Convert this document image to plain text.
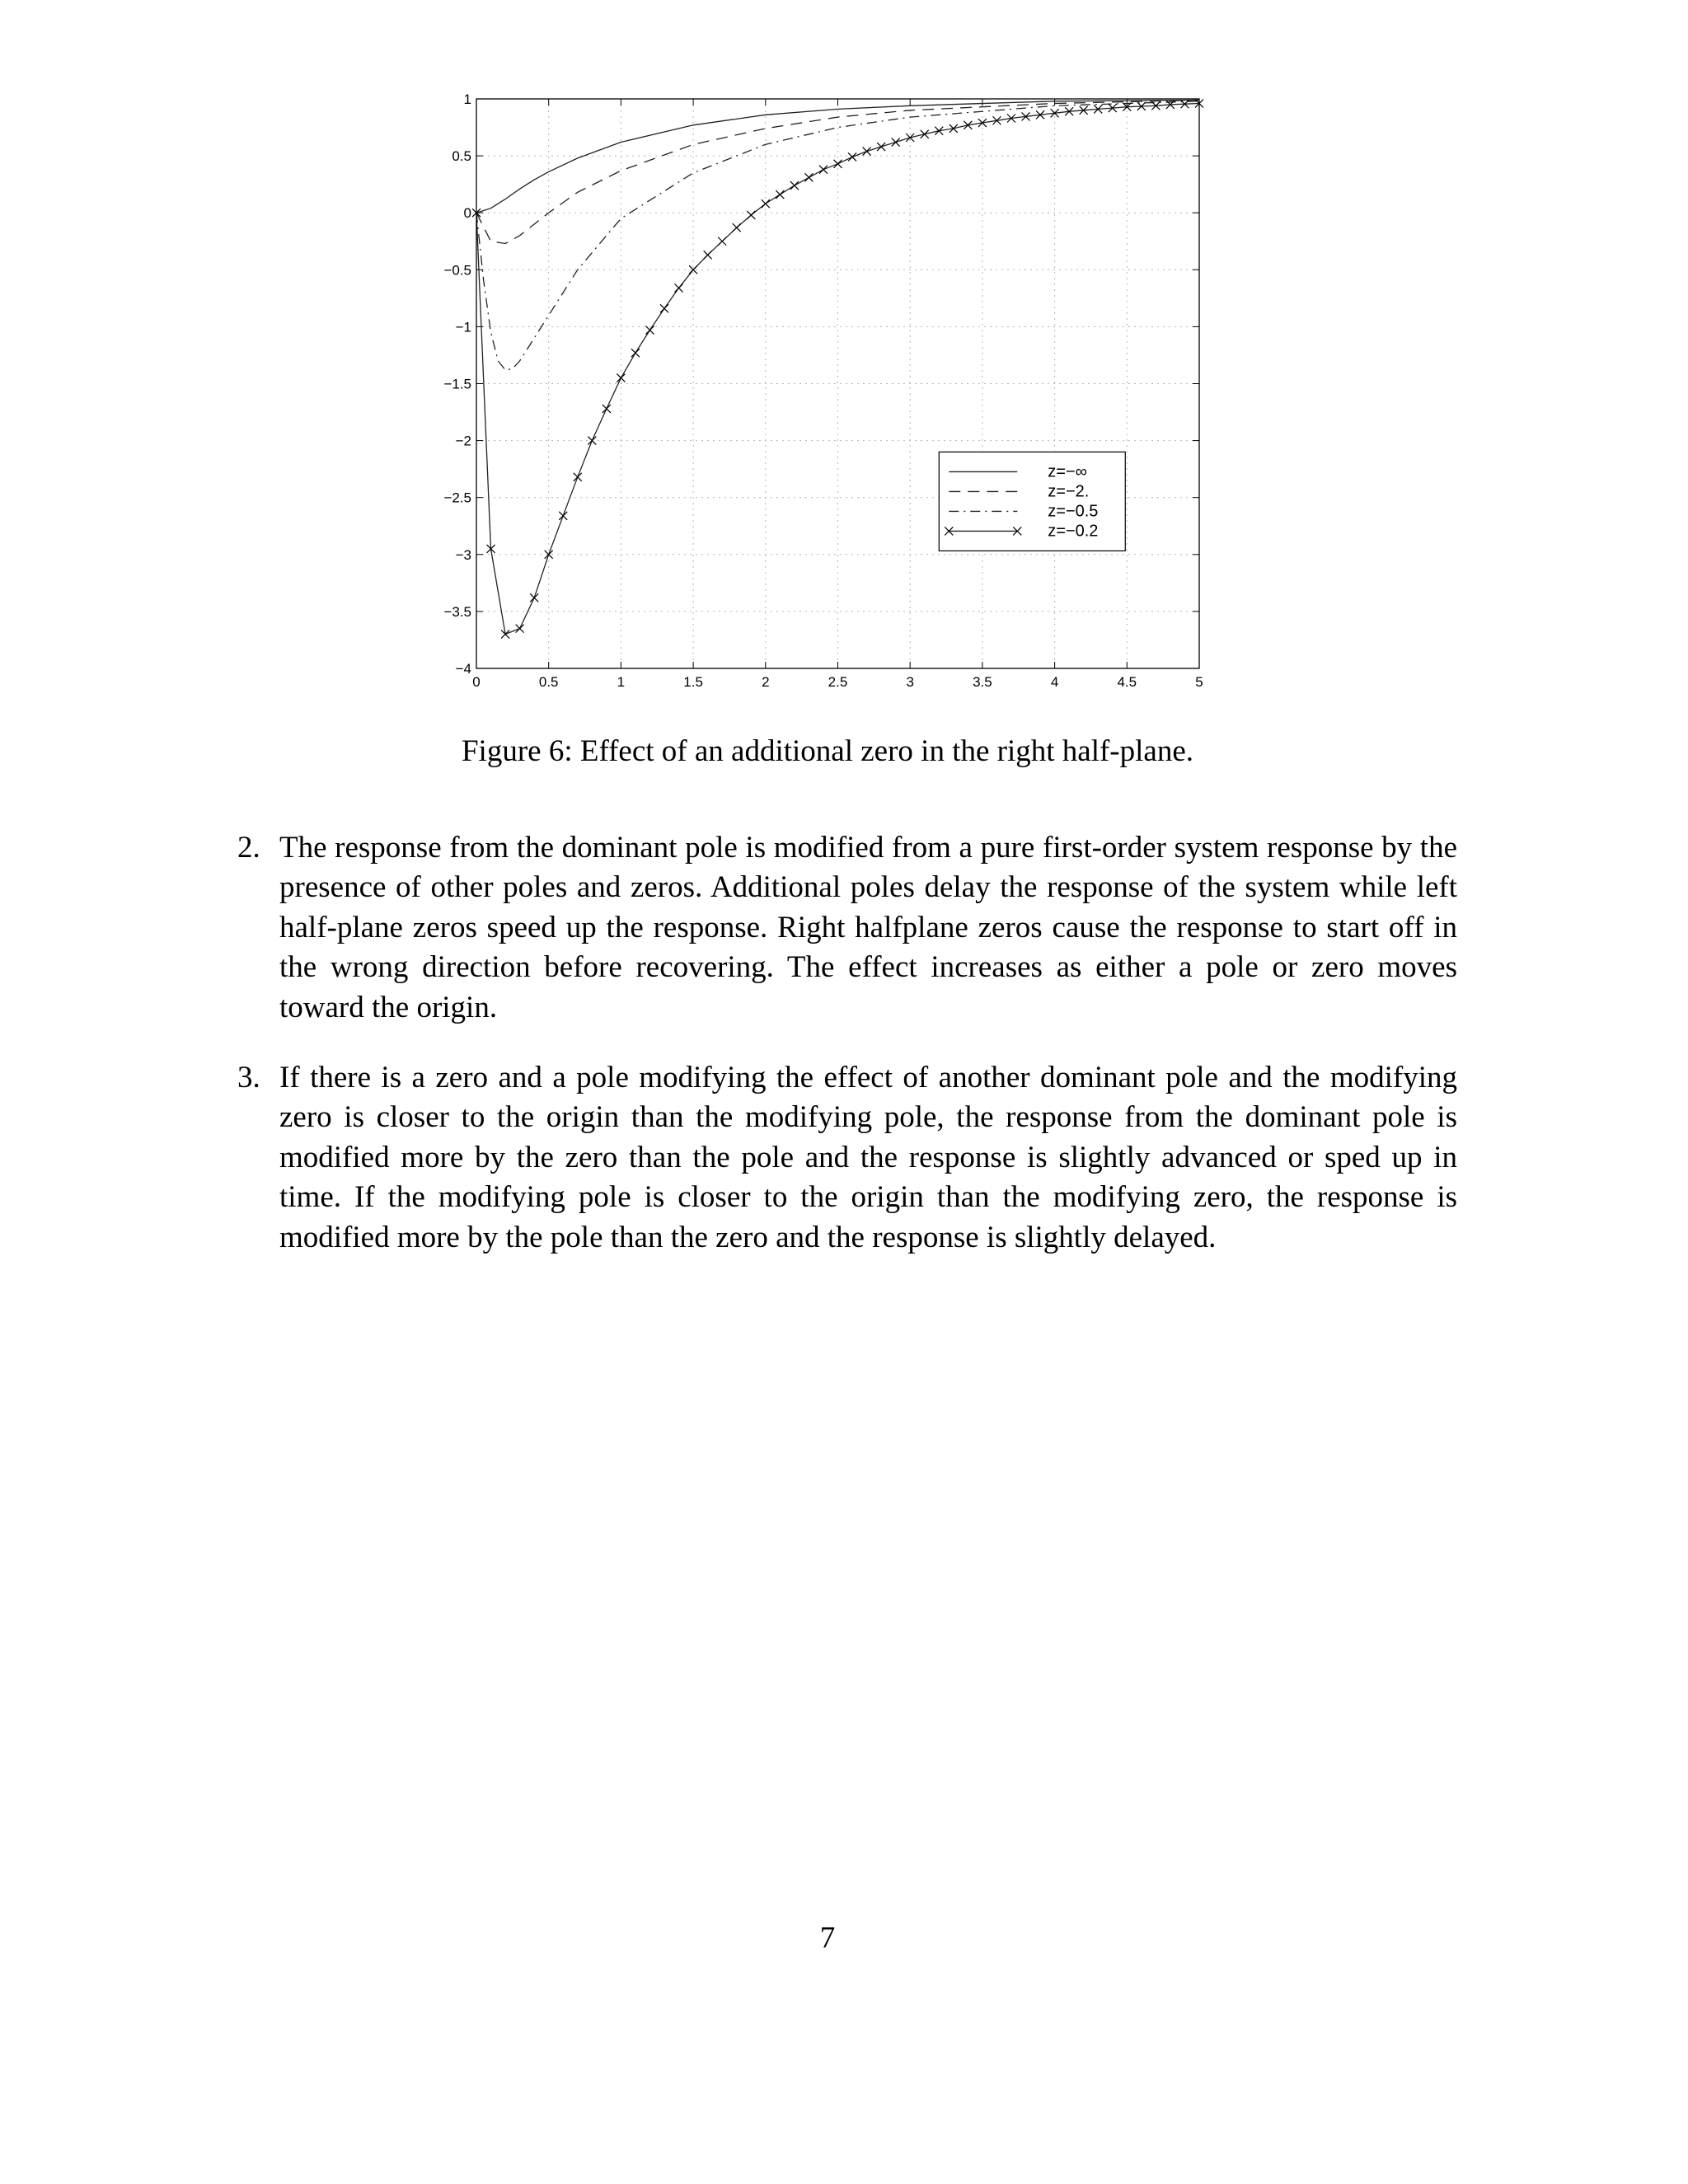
0	0.5	1	1.5	2	2.5	3	3.5	4	4.5	5
1
0.5
0
−0.5
−1
−1.5
−2
−2.5
−3
−3.5
−4
z=−∞
z=−2.
z=−0.5
z=−0.2
Figure 6: Effect of an additional zero in the right half-plane.
2. The response from the dominant pole is modified from a pure first-order system response by the presence of other poles and zeros. Additional poles delay the response of the system while left half-plane zeros speed up the response. Right halfplane zeros cause the response to start off in the wrong direction before recovering. The effect increases as either a pole or zero moves toward the origin.
3. If there is a zero and a pole modifying the effect of another dominant pole and the modifying zero is closer to the origin than the modifying pole, the response from the dominant pole is modified more by the zero than the pole and the response is slightly advanced or sped up in time. If the modifying pole is closer to the origin than the modifying zero, the response is modified more by the pole than the zero and the response is slightly delayed.
7
